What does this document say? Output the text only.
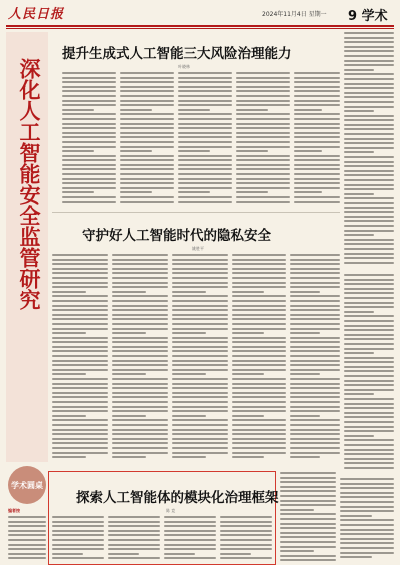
人民日报	2024年11月4日 星期一 9 学术
深化人工智能安全监管研究
学术圆桌
编者按
提升生成式人工智能三大风险治理能力
叶晓林
守护好人工智能时代的隐私安全
姚胜平
探索人工智能体的模块化治理框架
陈 竞
